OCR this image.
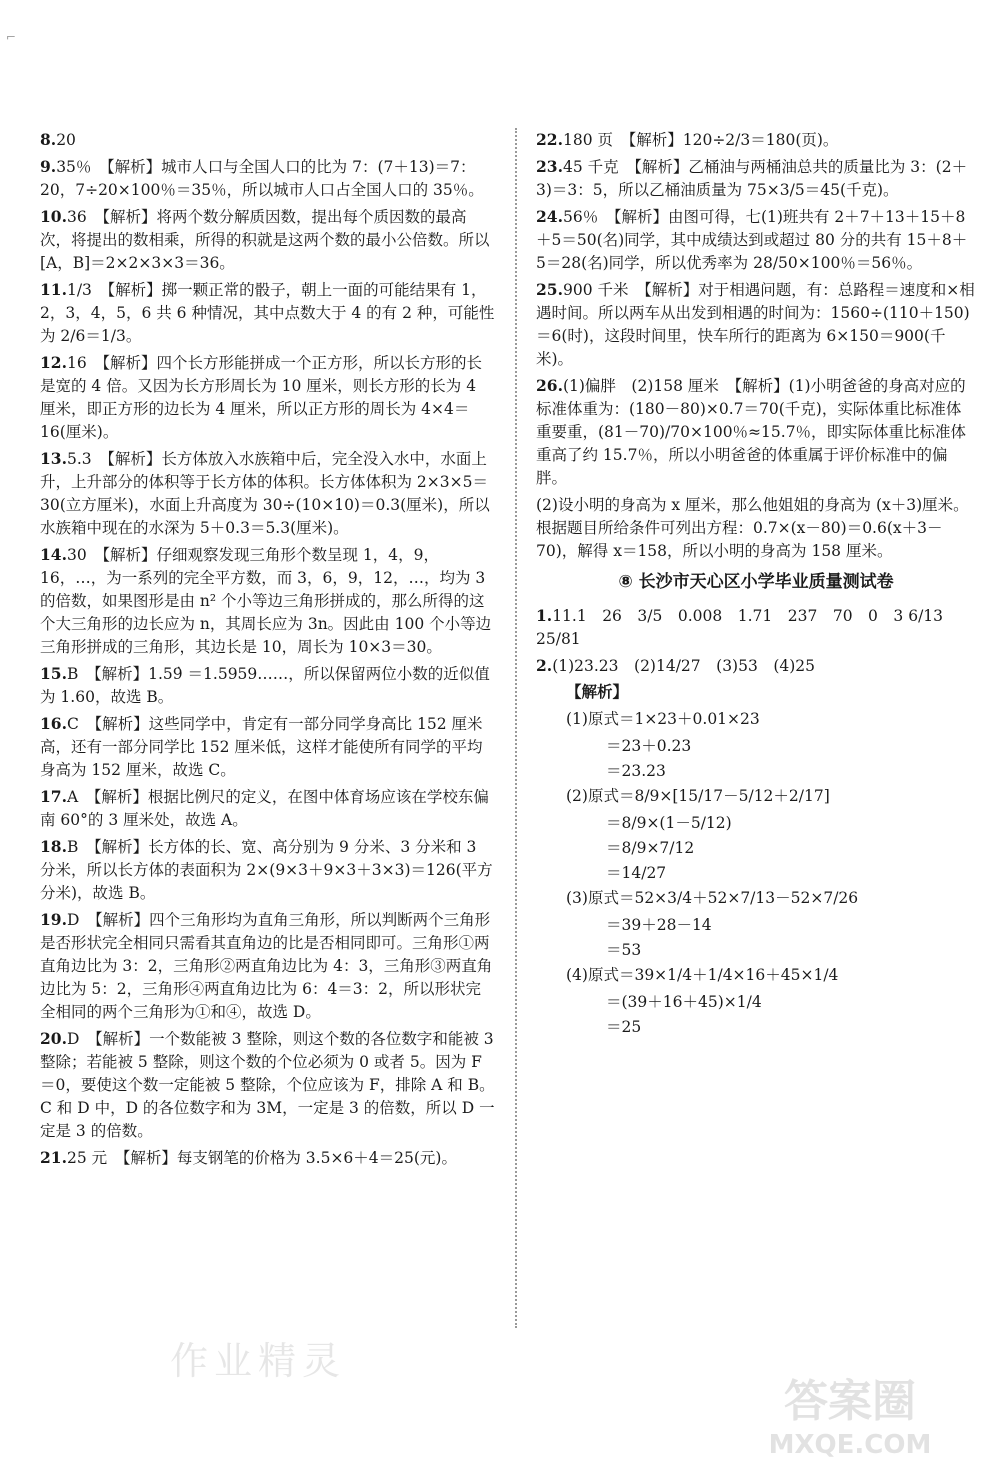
⌐
8.20
9.35％　【解析】城市人口与全国人口的比为 7：(7＋13)＝7：20，7÷20×100％＝35％，所以城市人口占全国人口的 35％。
10.36　【解析】将两个数分解质因数，提出每个质因数的最高次，将提出的数相乘，所得的积就是这两个数的最小公倍数。所以[A，B]＝2×2×3×3＝36。
11.1/3　【解析】掷一颗正常的骰子，朝上一面的可能结果有 1，2，3，4，5，6 共 6 种情况，其中点数大于 4 的有 2 种，可能性为 2/6＝1/3。
12.16　【解析】四个长方形能拼成一个正方形，所以长方形的长是宽的 4 倍。又因为长方形周长为 10 厘米，则长方形的长为 4 厘米，即正方形的边长为 4 厘米，所以正方形的周长为 4×4＝16(厘米)。
13.5.3　【解析】长方体放入水族箱中后，完全没入水中，水面上升，上升部分的体积等于长方体的体积。长方体体积为 2×3×5＝30(立方厘米)，水面上升高度为 30÷(10×10)＝0.3(厘米)，所以水族箱中现在的水深为 5＋0.3＝5.3(厘米)。
14.30　【解析】仔细观察发现三角形个数呈现 1，4，9，16，…，为一系列的完全平方数，而 3，6，9，12，…，均为 3 的倍数，如果图形是由 n² 个小等边三角形拼成的，那么所得的这个大三角形的边长应为 n，其周长应为 3n。因此由 100 个小等边三角形拼成的三角形，其边长是 10，周长为 10×3＝30。
15.B　【解析】1.59̇ ＝1.5959……，所以保留两位小数的近似值为 1.60，故选 B。
16.C　【解析】这些同学中，肯定有一部分同学身高比 152 厘米高，还有一部分同学比 152 厘米低，这样才能使所有同学的平均身高为 152 厘米，故选 C。
17.A　【解析】根据比例尺的定义，在图中体育场应该在学校东偏南 60°的 3 厘米处，故选 A。
18.B　【解析】长方体的长、宽、高分别为 9 分米、3 分米和 3 分米，所以长方体的表面积为 2×(9×3＋9×3＋3×3)＝126(平方分米)，故选 B。
19.D　【解析】四个三角形均为直角三角形，所以判断两个三角形是否形状完全相同只需看其直角边的比是否相同即可。三角形①两直角边比为 3：2，三角形②两直角边比为 4：3，三角形③两直角边比为 5：2，三角形④两直角边比为 6：4＝3：2，所以形状完全相同的两个三角形为①和④，故选 D。
20.D　【解析】一个数能被 3 整除，则这个数的各位数字和能被 3 整除；若能被 5 整除，则这个数的个位必须为 0 或者 5。因为 F＝0，要使这个数一定能被 5 整除，个位应该为 F，排除 A 和 B。C 和 D 中，D 的各位数字和为 3M，一定是 3 的倍数，所以 D 一定是 3 的倍数。
21.25 元　【解析】每支钢笔的价格为 3.5×6＋4＝25(元)。
22.180 页　【解析】120÷2/3＝180(页)。
23.45 千克　【解析】乙桶油与两桶油总共的质量比为 3：(2＋3)＝3：5，所以乙桶油质量为 75×3/5＝45(千克)。
24.56％　【解析】由图可得，七(1)班共有 2＋7＋13＋15＋8＋5＝50(名)同学，其中成绩达到或超过 80 分的共有 15＋8＋5＝28(名)同学，所以优秀率为 28/50×100％＝56％。
25.900 千米　【解析】对于相遇问题，有：总路程＝速度和×相遇时间。所以两车从出发到相遇的时间为：1560÷(110＋150)＝6(时)，这段时间里，快车所行的距离为 6×150＝900(千米)。
26.(1)偏胖　(2)158 厘米　【解析】(1)小明爸爸的身高对应的标准体重为：(180－80)×0.7＝70(千克)，实际体重比标准体重要重，(81－70)/70×100％≈15.7％，即实际体重比标准体重高了约 15.7％，所以小明爸爸的体重属于评价标准中的偏胖。
(2)设小明的身高为 x 厘米，那么他姐姐的身高为 (x＋3)厘米。根据题目所给条件可列出方程：0.7×(x－80)＝0.6(x＋3－70)，解得 x＝158，所以小明的身高为 158 厘米。
⑧ 长沙市天心区小学毕业质量测试卷
1.11.1　26　3/5　0.008　1.71　237　70　0　3 6/13　25/81
2.(1)23.23　(2)14/27　(3)53　(4)25
【解析】
(1)原式＝1×23＋0.01×23
＝23＋0.23
＝23.23
(2)原式＝8/9×[15/17－5/12＋2/17]
＝8/9×(1－5/12)
＝8/9×7/12
＝14/27
(3)原式＝52×3/4＋52×7/13－52×7/26
＝39＋28－14
＝53
(4)原式＝39×1/4＋1/4×16＋45×1/4
＝(39＋16＋45)×1/4
＝25
作业精灵
答案圈
MXQE.COM
